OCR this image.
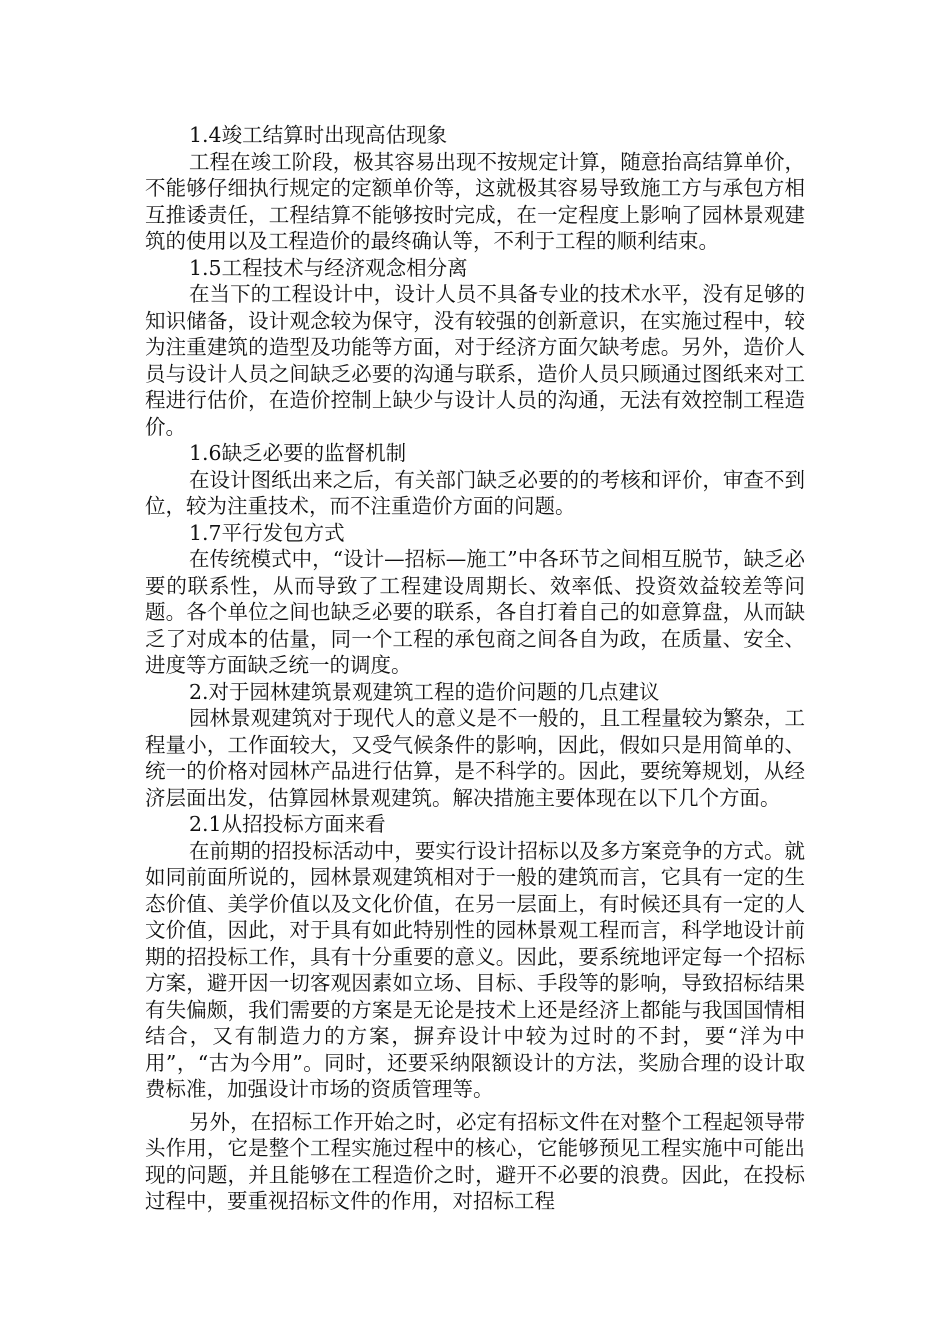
1.4竣工结算时出现高估现象

工程在竣工阶段，极其容易出现不按规定计算，随意抬高结算单价，不能够仔细执行规定的定额单价等，这就极其容易导致施工方与承包方相互推诿责任，工程结算不能够按时完成，在一定程度上影响了园林景观建筑的使用以及工程造价的最终确认等，不利于工程的顺利结束。

1.5工程技术与经济观念相分离

在当下的工程设计中，设计人员不具备专业的技术水平，没有足够的知识储备，设计观念较为保守，没有较强的创新意识，在实施过程中，较为注重建筑的造型及功能等方面，对于经济方面欠缺考虑。另外，造价人员与设计人员之间缺乏必要的沟通与联系，造价人员只顾通过图纸来对工程进行估价，在造价控制上缺少与设计人员的沟通，无法有效控制工程造价。

1.6缺乏必要的监督机制

在设计图纸出来之后，有关部门缺乏必要的的考核和评价，审查不到位，较为注重技术，而不注重造价方面的问题。

1.7平行发包方式

在传统模式中，“设计—招标—施工”中各环节之间相互脱节，缺乏必要的联系性，从而导致了工程建设周期长、效率低、投资效益较差等问题。各个单位之间也缺乏必要的联系，各自打着自己的如意算盘，从而缺乏了对成本的估量，同一个工程的承包商之间各自为政，在质量、安全、进度等方面缺乏统一的调度。

2.对于园林建筑景观建筑工程的造价问题的几点建议

园林景观建筑对于现代人的意义是不一般的，且工程量较为繁杂，工程量小，工作面较大，又受气候条件的影响，因此，假如只是用简单的、统一的价格对园林产品进行估算，是不科学的。因此，要统筹规划，从经济层面出发，估算园林景观建筑。解决措施主要体现在以下几个方面。

2.1从招投标方面来看

在前期的招投标活动中，要实行设计招标以及多方案竞争的方式。就如同前面所说的，园林景观建筑相对于一般的建筑而言，它具有一定的生态价值、美学价值以及文化价值，在另一层面上，有时候还具有一定的人文价值，因此，对于具有如此特别性的园林景观工程而言，科学地设计前期的招投标工作，具有十分重要的意义。因此，要系统地评定每一个招标方案，避开因一切客观因素如立场、目标、手段等的影响，导致招标结果有失偏颇，我们需要的方案是无论是技术上还是经济上都能与我国国情相结合，又有制造力的方案，摒弃设计中较为过时的不封，要“洋为中用”，“古为今用”。同时，还要采纳限额设计的方法，奖励合理的设计取费标准，加强设计市场的资质管理等。

另外，在招标工作开始之时，必定有招标文件在对整个工程起领导带头作用，它是整个工程实施过程中的核心，它能够预见工程实施中可能出现的问题，并且能够在工程造价之时，避开不必要的浪费。因此，在投标过程中，要重视招标文件的作用，对招标工程
